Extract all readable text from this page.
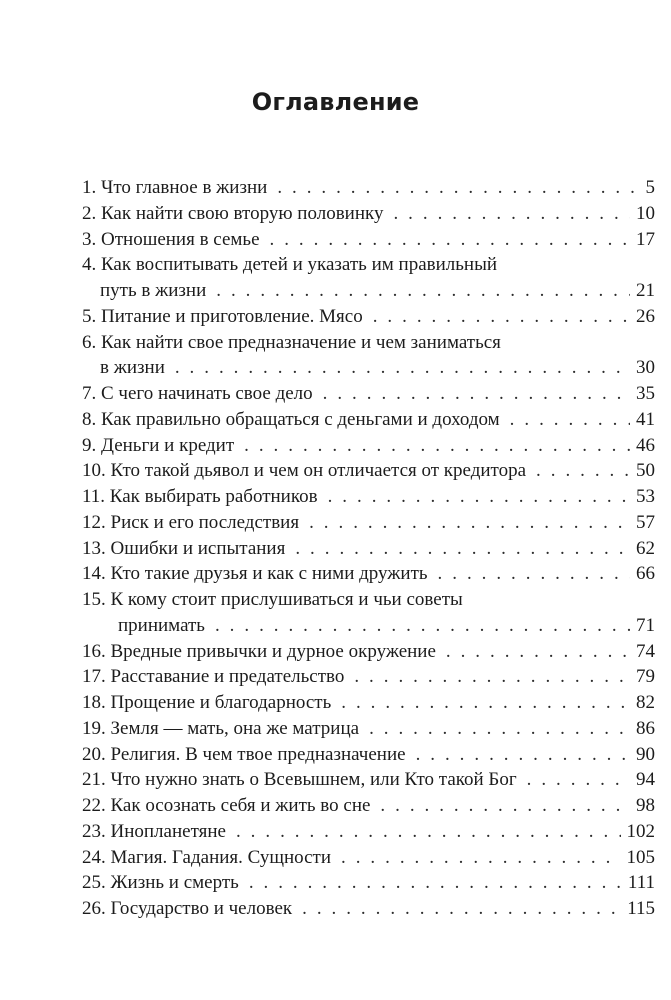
Оглавление
1. Что главное в жизни . . .	5
2. Как найти свою вторую половинку . . .	10
3. Отношения в семье . . .	17
4. Как воспитывать детей и указать им правильный
путь в жизни . . .	21
5. Питание и приготовление. Мясо . . .	26
6. Как найти свое предназначение и чем заниматься
в жизни . . .	30
7. С чего начинать свое дело . . .	35
8. Как правильно обращаться с деньгами и доходом . . .	41
9. Деньги и кредит . . .	46
10. Кто такой дьявол и чем он отличается от кредитора . . .	50
11. Как выбирать работников . . .	53
12. Риск и его последствия . . .	57
13. Ошибки и испытания . . .	62
14. Кто такие друзья и как с ними дружить . . .	66
15. К кому стоит прислушиваться и чьи советы
принимать . . .	71
16. Вредные привычки и дурное окружение . . .	74
17. Расставание и предательство . . .	79
18. Прощение и благодарность . . .	82
19. Земля — мать, она же матрица . . .	86
20. Религия. В чем твое предназначение . . .	90
21. Что нужно знать о Всевышнем, или Кто такой Бог . . .	94
22. Как осознать себя и жить во сне . . .	98
23. Инопланетяне . . .	102
24. Магия. Гадания. Сущности . . .	105
25. Жизнь и смерть . . .	111
26. Государство и человек . . .	115
